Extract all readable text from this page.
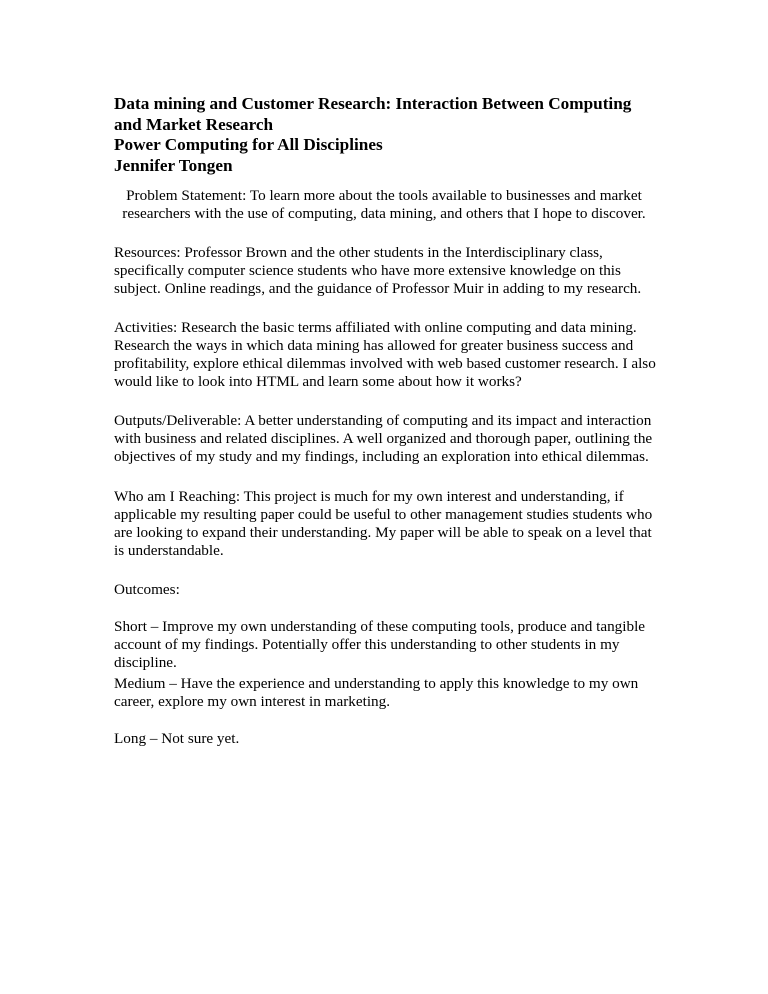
Data mining and Customer Research: Interaction Between Computing

and Market Research

Power Computing for All Disciplines

Jennifer Tongen

Problem Statement: To learn more about the tools available to businesses and market
researchers with the use of computing, data mining, and others that I hope to discover.
Resources: Professor Brown and the other students in the Interdisciplinary class,
specifically computer science students who have more extensive knowledge on this
subject. Online readings, and the guidance of Professor Muir in adding to my research.
Activities: Research the basic terms affiliated with online computing and data mining.
Research the ways in which data mining has allowed for greater business success and
profitability, explore ethical dilemmas involved with web based customer research. I also
would like to look into HTML and learn some about how it works?
Outputs/Deliverable: A better understanding of computing and its impact and interaction
with business and related disciplines. A well organized and thorough paper, outlining the
objectives of my study and my findings, including an exploration into ethical dilemmas.
Who am I Reaching: This project is much for my own interest and understanding, if
applicable my resulting paper could be useful to other management studies students who
are looking to expand their understanding. My paper will be able to speak on a level that
is understandable.
Outcomes:
Short – Improve my own understanding of these computing tools, produce and tangible
account of my findings. Potentially offer this understanding to other students in my
discipline.
Medium – Have the experience and understanding to apply this knowledge to my own
career, explore my own interest in marketing.
Long – Not sure yet.
